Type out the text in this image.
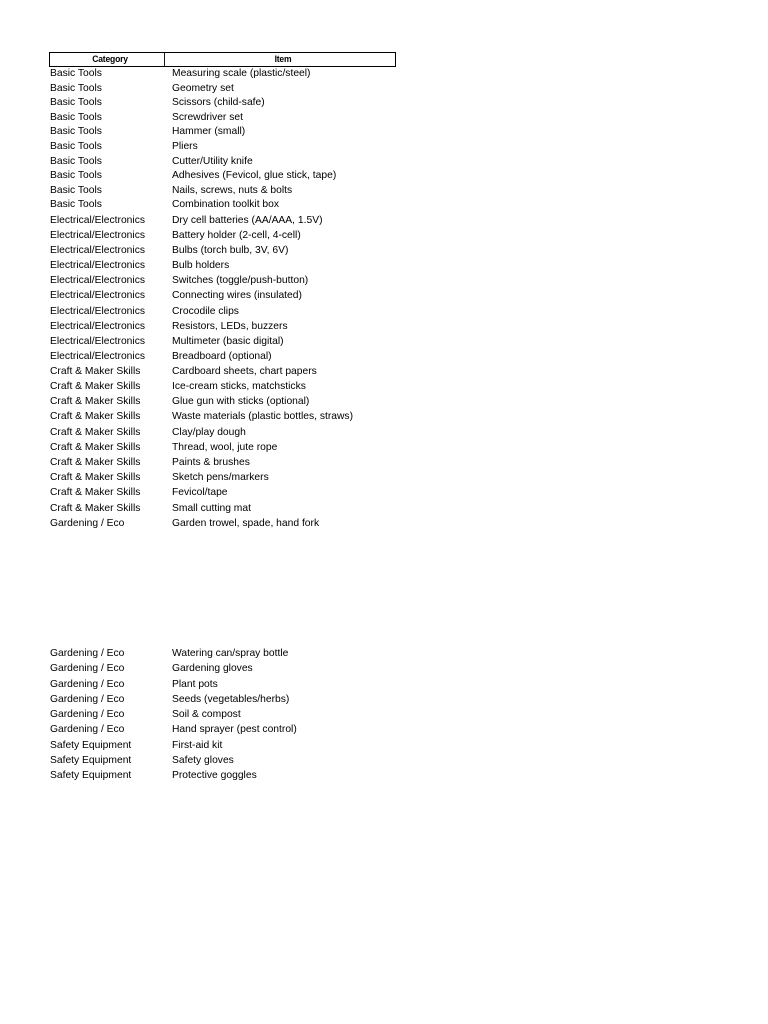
Category	Item
Basic Tools	Measuring scale (plastic/steel)
Basic Tools	Geometry set
Basic Tools	Scissors (child-safe)
Basic Tools	Screwdriver set
Basic Tools	Hammer (small)
Basic Tools	Pliers
Basic Tools	Cutter/Utility knife
Basic Tools	Adhesives (Fevicol, glue stick, tape)
Basic Tools	Nails, screws, nuts & bolts
Basic Tools	Combination toolkit box
Electrical/Electronics	Dry cell batteries (AA/AAA, 1.5V)
Electrical/Electronics	Battery holder (2-cell, 4-cell)
Electrical/Electronics	Bulbs (torch bulb, 3V, 6V)
Electrical/Electronics	Bulb holders
Electrical/Electronics	Switches (toggle/push-button)
Electrical/Electronics	Connecting wires (insulated)
Electrical/Electronics	Crocodile clips
Electrical/Electronics	Resistors, LEDs, buzzers
Electrical/Electronics	Multimeter (basic digital)
Electrical/Electronics	Breadboard (optional)
Craft & Maker Skills	Cardboard sheets, chart papers
Craft & Maker Skills	Ice-cream sticks, matchsticks
Craft & Maker Skills	Glue gun with sticks (optional)
Craft & Maker Skills	Waste materials (plastic bottles, straws)
Craft & Maker Skills	Clay/play dough
Craft & Maker Skills	Thread, wool, jute rope
Craft & Maker Skills	Paints & brushes
Craft & Maker Skills	Sketch pens/markers
Craft & Maker Skills	Fevicol/tape
Craft & Maker Skills	Small cutting mat
Gardening / Eco	Garden trowel, spade, hand fork
Gardening / Eco	Watering can/spray bottle
Gardening / Eco	Gardening gloves
Gardening / Eco	Plant pots
Gardening / Eco	Seeds (vegetables/herbs)
Gardening / Eco	Soil & compost
Gardening / Eco	Hand sprayer (pest control)
Safety Equipment	First-aid kit
Safety Equipment	Safety gloves
Safety Equipment	Protective goggles
